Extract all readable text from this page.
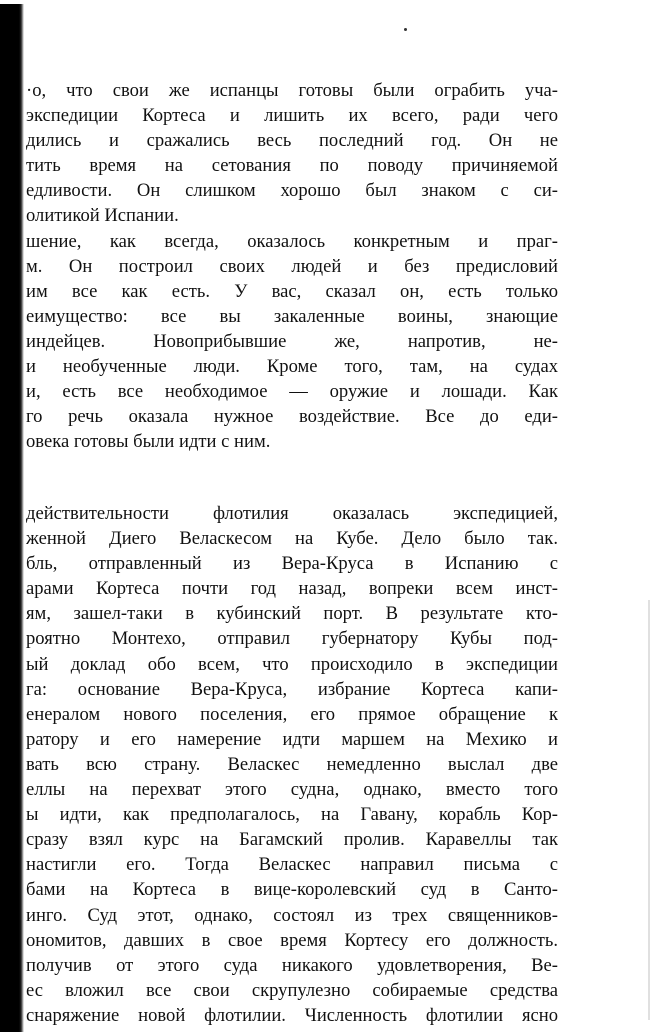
·о, что свои же испанцы готовы были ограбить уча-
экспедиции Кортеса и лишить их всего, ради чего
дились и сражались весь последний год. Он не
тить время на сетования по поводу причиняемой
едливости. Он слишком хорошо был знаком с си-
олитикой Испании.
шение, как всегда, оказалось конкретным и праг-
м. Он построил своих людей и без предисловий
им все как есть. У вас, сказал он, есть только
еимущество: все вы закаленные воины, знающие
индейцев. Новоприбывшие же, напротив, не-
и необученные люди. Кроме того, там, на судах
и, есть все необходимое — оружие и лошади. Как
го речь оказала нужное воздействие. Все до еди-
овека готовы были идти с ним.
действительности флотилия оказалась экспедицией,
женной Диего Веласкесом на Кубе. Дело было так.
бль, отправленный из Вера-Круса в Испанию с
арами Кортеса почти год назад, вопреки всем инст-
ям, зашел-таки в кубинский порт. В результате кто-
роятно Монтехо, отправил губернатору Кубы под-
ый доклад обо всем, что происходило в экспедиции
га: основание Вера-Круса, избрание Кортеса капи-
енералом нового поселения, его прямое обращение к
ратору и его намерение идти маршем на Мехико и
вать всю страну. Веласкес немедленно выслал две
еллы на перехват этого судна, однако, вместо того
ы идти, как предполагалось, на Гавану, корабль Кор-
сразу взял курс на Багамский пролив. Каравеллы так
настигли его. Тогда Веласкес направил письма с
бами на Кортеса в вице-королевский суд в Санто-
инго. Суд этот, однако, состоял из трех священников-
ономитов, давших в свое время Кортесу его должность.
получив от этого суда никакого удовлетворения, Ве-
ес вложил все свои скрупулезно собираемые средства
снаряжение новой флотилии. Численность флотилии ясно
